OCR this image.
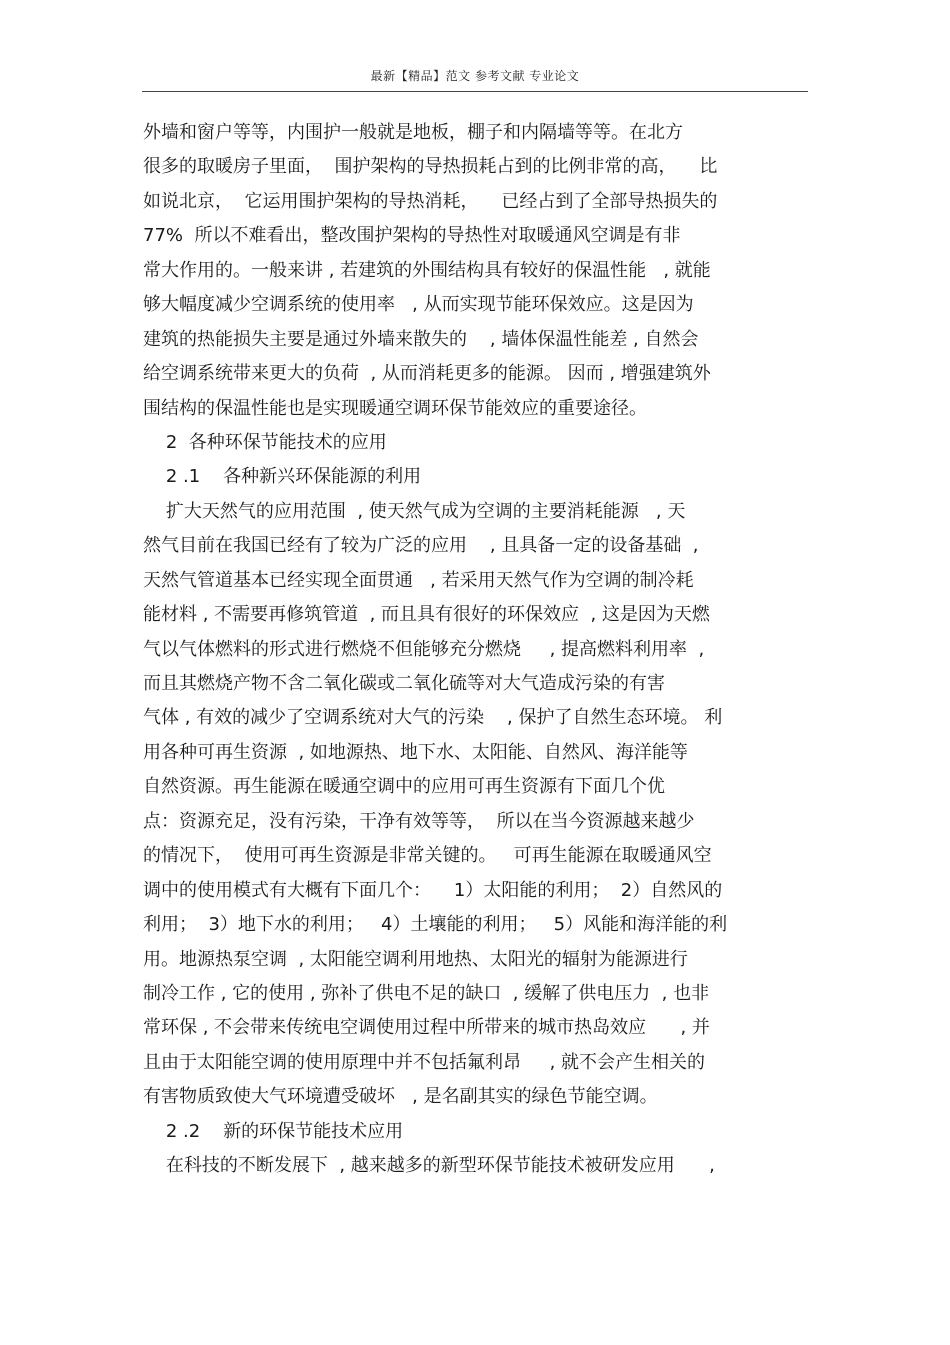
最新【精品】范文 参考文献 专业论文
外墙和窗户等等，内围护一般就是地板，棚子和内隔墙等等。在北方
很多的取暖房子里面，  围护架构的导热损耗占到的比例非常的高，    比
如说北京，  它运用围护架构的导热消耗，    已经占到了全部导热损失的
77%  所以不难看出，整改围护架构的导热性对取暖通风空调是有非
常大作用的。一般来讲 , 若建筑的外围结构具有较好的保温性能   , 就能
够大幅度减少空调系统的使用率   , 从而实现节能环保效应。这是因为
建筑的热能损失主要是通过外墙来散失的    , 墙体保温性能差 , 自然会
给空调系统带来更大的负荷  , 从而消耗更多的能源。 因而 , 增强建筑外
围结构的保温性能也是实现暖通空调环保节能效应的重要途径。
2  各种环保节能技术的应用
2 .1    各种新兴环保能源的利用
扩大天然气的应用范围  , 使天然气成为空调的主要消耗能源   , 天
然气目前在我国已经有了较为广泛的应用    , 且具备一定的设备基础  ,
天然气管道基本已经实现全面贯通   , 若采用天然气作为空调的制冷耗
能材料 , 不需要再修筑管道  , 而且具有很好的环保效应  , 这是因为天燃
气以气体燃料的形式进行燃烧不但能够充分燃烧     , 提高燃料利用率  ,
而且其燃烧产物不含二氧化碳或二氧化硫等对大气造成污染的有害
气体 , 有效的减少了空调系统对大气的污染    , 保护了自然生态环境。 利
用各种可再生资源  , 如地源热、地下水、太阳能、自然风、海洋能等
自然资源。再生能源在暖通空调中的应用可再生资源有下面几个优
点：资源充足，没有污染，干净有效等等，  所以在当今资源越来越少
的情况下，  使用可再生资源是非常关键的。   可再生能源在取暖通风空
调中的使用模式有大概有下面几个：    1）太阳能的利用；  2）自然风的
利用；  3）地下水的利用；   4）土壤能的利用；   5）风能和海洋能的利
用。地源热泵空调  , 太阳能空调利用地热、太阳光的辐射为能源进行
制冷工作 , 它的使用 , 弥补了供电不足的缺口  , 缓解了供电压力  , 也非
常环保 , 不会带来传统电空调使用过程中所带来的城市热岛效应      , 并
且由于太阳能空调的使用原理中并不包括氟利昂     , 就不会产生相关的
有害物质致使大气环境遭受破坏   , 是名副其实的绿色节能空调。
2 .2    新的环保节能技术应用
在科技的不断发展下  , 越来越多的新型环保节能技术被研发应用      ,
